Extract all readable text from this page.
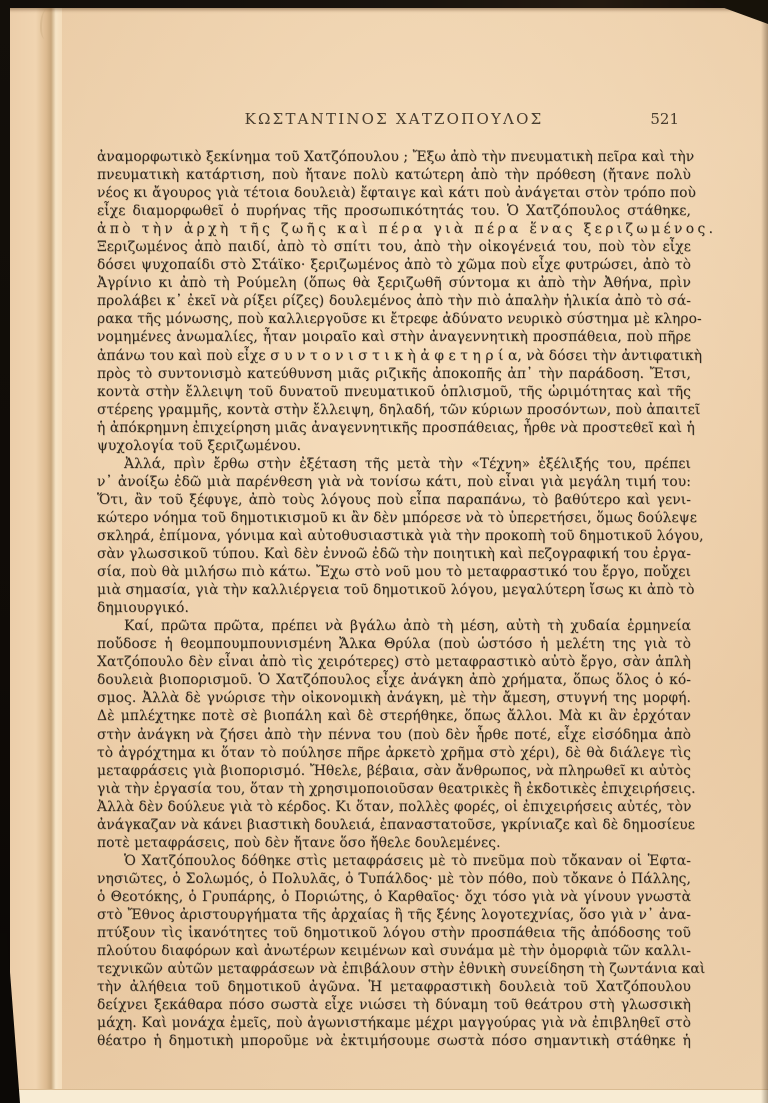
ΚΩΣΤΑΝΤΙΝΟΣ ΧΑΤΖΟΠΟΥΛΟΣ	521
ἀναμορφωτικὸ ξεκίνημα τοῦ Χατζόπουλου ; Ἔξω ἀπὸ τὴν πνευματικὴ πεῖρα καὶ τὴν
πνευματικὴ κατάρτιση, ποὺ ἤτανε πολὺ κατώτερη ἀπὸ τὴν πρόθεση (ἤτανε πολὺ
νέος κι ἄγουρος γιὰ τέτοια δουλειὰ) ἔφταιγε καὶ κάτι ποὺ ἀνάγεται στὸν τρόπο ποὺ
εἶχε διαμορφωθεῖ ὁ πυρήνας τῆς προσωπικότητάς του. Ὁ Χατζόπουλος στάθηκε,
ἀπὸ τὴν ἀρχὴ τῆς ζωῆς καὶ πέρα γιὰ πέρα ἕνας ξεριζωμένος.
Ξεριζωμένος ἀπὸ παιδί, ἀπὸ τὸ σπίτι του, ἀπὸ τὴν οἰκογένειά του, ποὺ τὸν εἶχε
δόσει ψυχοπαίδι στὸ Στάϊκο· ξεριζωμένος ἀπὸ τὸ χῶμα ποὺ εἶχε φυτρώσει, ἀπὸ τὸ
Ἀγρίνιο κι ἀπὸ τὴ Ρούμελη (ὅπως θὰ ξεριζωθῆ σύντομα κι ἀπὸ τὴν Ἀθήνα, πρὶν
προλάβει κ᾽ ἐκεῖ νὰ ρίξει ρίζες) δουλεμένος ἀπὸ τὴν πιὸ ἁπαλὴν ἡλικία ἀπὸ τὸ σά-
ρακα τῆς μόνωσης, ποὺ καλλιεργοῦσε κι ἔτρεφε ἀδύνατο νευρικὸ σύστημα μὲ κληρο-
νομημένες ἀνωμαλίες, ἦταν μοιραῖο καὶ στὴν ἀναγεννητικὴ προσπάθεια, ποὺ πῆρε
ἀπάνω του καὶ ποὺ εἶχε σ υ ν τ ο ν ι σ τ ι κ ὴ ἀ φ ε τ η ρ ί α, νὰ δόσει τὴν ἀντιφατικὴ
πρὸς τὸ συντονισμὸ κατεύθυνση μιᾶς ριζικῆς ἀποκοπῆς ἀπ᾽ τὴν παράδοση. Ἔτσι,
κοντὰ στὴν ἔλλειψη τοῦ δυνατοῦ πνευματικοῦ ὁπλισμοῦ, τῆς ὡριμότητας καὶ τῆς
στέρεης γραμμῆς, κοντὰ στὴν ἔλλειψη, δηλαδή, τῶν κύριων προσόντων, ποὺ ἀπαιτεῖ
ἡ ἀπόκρημνη ἐπιχείρηση μιᾶς ἀναγεννητικῆς προσπάθειας, ἦρθε νὰ προστεθεῖ καὶ ἡ
ψυχολογία τοῦ ξεριζωμένου.
Ἀλλά, πρὶν ἔρθω στὴν ἐξέταση τῆς μετὰ τὴν «Τέχνη» ἐξέλιξής του, πρέπει
ν᾽ ἀνοίξω ἐδῶ μιὰ παρένθεση γιὰ νὰ τονίσω κάτι, ποὺ εἶναι γιὰ μεγάλη τιμή του:
Ὅτι, ἂν τοῦ ξέφυγε, ἀπὸ τοὺς λόγους ποὺ εἶπα παραπάνω, τὸ βαθύτερο καὶ γενι-
κώτερο νόημα τοῦ δημοτικισμοῦ κι ἂν δὲν μπόρεσε νὰ τὸ ὑπερετήσει, ὅμως δούλεψε
σκληρά, ἐπίμονα, γόνιμα καὶ αὐτοθυσιαστικὰ γιὰ τὴν προκοπὴ τοῦ δημοτικοῦ λόγου,
σὰν γλωσσικοῦ τύπου. Καὶ δὲν ἐννοῶ ἐδῶ τὴν ποιητικὴ καὶ πεζογραφική του ἐργα-
σία, ποὺ θὰ μιλήσω πιὸ κάτω. Ἔχω στὸ νοῦ μου τὸ μεταφραστικό του ἔργο, ποὔχει
μιὰ σημασία, γιὰ τὴν καλλιέργεια τοῦ δημοτικοῦ λόγου, μεγαλύτερη ἴσως κι ἀπὸ τὸ
δημιουργικό.
Καί, πρῶτα πρῶτα, πρέπει νὰ βγάλω ἀπὸ τὴ μέση, αὐτὴ τὴ χυδαία ἑρμηνεία
ποὔδοσε ἡ θεομπουμπουνισμένη Ἄλκα Θρύλα (ποὺ ὡστόσο ἡ μελέτη της γιὰ τὸ
Χατζόπουλο δὲν εἶναι ἀπὸ τὶς χειρότερες) στὸ μεταφραστικὸ αὐτὸ ἔργο, σὰν ἁπλὴ
δουλειὰ βιοπορισμοῦ. Ὁ Χατζόπουλος εἶχε ἀνάγκη ἀπὸ χρήματα, ὅπως ὅλος ὁ κό-
σμος. Ἀλλὰ δὲ γνώρισε τὴν οἰκονομικὴ ἀνάγκη, μὲ τὴν ἄμεση, στυγνή της μορφή.
Δὲ μπλέχτηκε ποτὲ σὲ βιοπάλη καὶ δὲ στερήθηκε, ὅπως ἄλλοι. Μὰ κι ἂν ἐρχόταν
στὴν ἀνάγκη νὰ ζήσει ἀπὸ τὴν πέννα του (ποὺ δὲν ἦρθε ποτέ, εἶχε εἰσόδημα ἀπὸ
τὸ ἀγρόχτημα κι ὅταν τὸ πούλησε πῆρε ἀρκετὸ χρῆμα στὸ χέρι), δὲ θὰ διάλεγε τὶς
μεταφράσεις γιὰ βιοπορισμό. Ἤθελε, βέβαια, σὰν ἄνθρωπος, νὰ πληρωθεῖ κι αὐτὸς
γιὰ τὴν ἐργασία του, ὅταν τὴ χρησιμοποιοῦσαν θεατρικὲς ἢ ἐκδοτικὲς ἐπιχειρήσεις.
Ἀλλὰ δὲν δούλευε γιὰ τὸ κέρδος. Κι ὅταν, πολλὲς φορές, οἱ ἐπιχειρήσεις αὐτές, τὸν
ἀνάγκαζαν νὰ κάνει βιαστικὴ δουλειά, ἐπαναστατοῦσε, γκρίνιαζε καὶ δὲ δημοσίευε
ποτὲ μεταφράσεις, ποὺ δὲν ἤτανε ὅσο ἤθελε δουλεμένες.
Ὁ Χατζόπουλος δόθηκε στὶς μεταφράσεις μὲ τὸ πνεῦμα ποὺ τὄκαναν οἱ Ἑφτα-
νησιῶτες, ὁ Σολωμός, ὁ Πολυλᾶς, ὁ Τυπάλδος· μὲ τὸν πόθο, ποὺ τὄκανε ὁ Πάλλης,
ὁ Θεοτόκης, ὁ Γρυπάρης, ὁ Ποριώτης, ὁ Καρθαῖος· ὄχι τόσο γιὰ νὰ γίνουν γνωστὰ
στὸ Ἔθνος ἀριστουργήματα τῆς ἀρχαίας ἢ τῆς ξένης λογοτεχνίας, ὅσο γιὰ ν᾽ ἀνα-
πτύξουν τὶς ἱκανότητες τοῦ δημοτικοῦ λόγου στὴν προσπάθεια τῆς ἀπόδοσης τοῦ
πλούτου διαφόρων καὶ ἀνωτέρων κειμένων καὶ συνάμα μὲ τὴν ὀμορφιὰ τῶν καλλι-
τεχνικῶν αὐτῶν μεταφράσεων νὰ ἐπιβάλουν στὴν ἐθνικὴ συνείδηση τὴ ζωντάνια καὶ
τὴν ἀλήθεια τοῦ δημοτικοῦ ἀγῶνα. Ἡ μεταφραστικὴ δουλειὰ τοῦ Χατζόπουλου
δείχνει ξεκάθαρα πόσο σωστὰ εἶχε νιώσει τὴ δύναμη τοῦ θεάτρου στὴ γλωσσικὴ
μάχη. Καὶ μονάχα ἐμεῖς, ποὺ ἀγωνιστήκαμε μέχρι μαγγούρας γιὰ νὰ ἐπιβληθεῖ στὸ
θέατρο ἡ δημοτικὴ μποροῦμε νὰ ἐκτιμήσουμε σωστὰ πόσο σημαντικὴ στάθηκε ἡ
